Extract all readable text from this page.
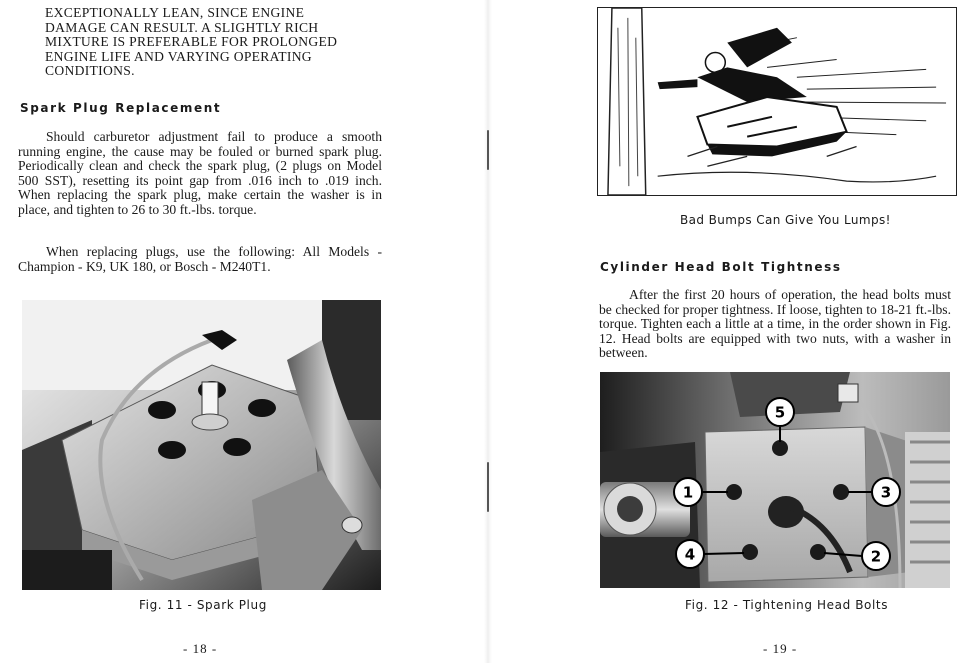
EXCEPTIONALLY LEAN, SINCE ENGINE

DAMAGE CAN RESULT. A SLIGHTLY RICH

MIXTURE IS PREFERABLE FOR PROLONGED

ENGINE LIFE AND VARYING OPERATING

CONDITIONS.

Spark Plug Replacement

Should carburetor adjustment fail to produce a smooth running engine, the cause may be fouled or burned spark plug. Periodically clean and check the spark plug, (2 plugs on Model 500 SST), resetting its point gap from .016 inch to .019 inch. When replacing the spark plug, make certain the washer is in place, and tighten to 26 to 30 ft.-lbs. torque.

When replacing plugs, use the following: All Models - Champion - K9, UK 180, or Bosch - M240T1.

Fig. 11 - Spark Plug
- 18 -
Bad Bumps Can Give You Lumps!
Cylinder Head Bolt Tightness

After the first 20 hours of operation, the head bolts must be checked for proper tightness. If loose, tighten to 18-21 ft.-lbs. torque. Tighten each a little at a time, in the order shown in Fig. 12. Head bolts are equipped with two nuts, with a washer in between.

5
1	3
4	2
Fig. 12 - Tightening Head Bolts
- 19 -
